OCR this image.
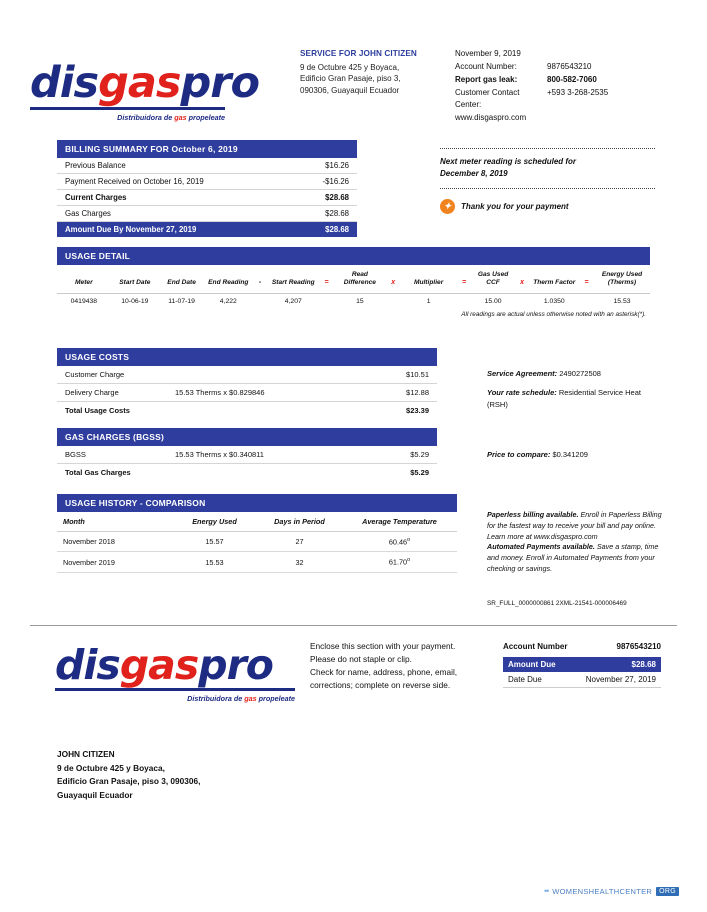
disgaspro
Distribuidora de gas propeleate
SERVICE FOR JOHN CITIZEN
9 de Octubre 425 y Boyaca,
Edificio Gran Pasaje, piso 3,
090306, Guayaquil Ecuador
November 9, 2019	
Account Number:	9876543210
Report gas leak:	800-582-7060
Customer Contact Center:	+593 3-268-2535
www.disgaspro.com	
BILLING SUMMARY FOR October 6, 2019
Previous Balance	$16.26
Payment Received on October 16, 2019	-$16.26
Current Charges	$28.68
Gas Charges	$28.68
Amount Due By November 27, 2019	$28.68
Next meter reading is scheduled for
December 8, 2019
✦	Thank you for your payment
USAGE DETAIL
Meter	Start Date	End Date	End Reading	-	Start Reading	=	Read Difference	x	Multiplier	=	Gas Used CCF	x	Therm Factor	=	Energy Used (Therms)
0419438	10-06-19	11-07-19	4,222		4,207		15		1		15.00		1.0350		15.53
All readings are actual unless otherwise noted with an asterisk(*).
USAGE COSTS
Customer Charge		$10.51
Delivery Charge	15.53 Therms x $0.829846	$12.88
Total Usage Costs		$23.39
Service Agreement: 2490272508
Your rate schedule: Residential Service Heat (RSH)
GAS CHARGES (BGSS)
BGSS	15.53 Therms x $0.340811	$5.29
Total Gas Charges		$5.29
Price to compare: $0.341209
USAGE HISTORY - COMPARISON
Month	Energy Used	Days in Period	Average Temperature
November 2018	15.57	27	60.46$^o$
November 2019	15.53	32	61.70$^o$
Paperless billing available. Enroll in Paperless Billing for the fastest way to receive your bill and pay online. Learn more at www.disgaspro.com
Automated Payments available. Save a stamp, time and money. Enroll in Automated Payments from your checking or savings.
SR_FULL_0000000861 2XML-21541-000006469
disgaspro
Distribuidora de gas propeleate
Enclose this section with your payment.
Please do not staple or clip.
Check for name, address, phone, email,
corrections; complete on reverse side.
Account Number	9876543210
Amount Due	$28.68
Date Due	November 27, 2019
JOHN CITIZEN
9 de Octubre 425 y Boyaca,
Edificio Gran Pasaje, piso 3, 090306,
Guayaquil Ecuador
•• WOMENSHEALTHCENTER	ORG
